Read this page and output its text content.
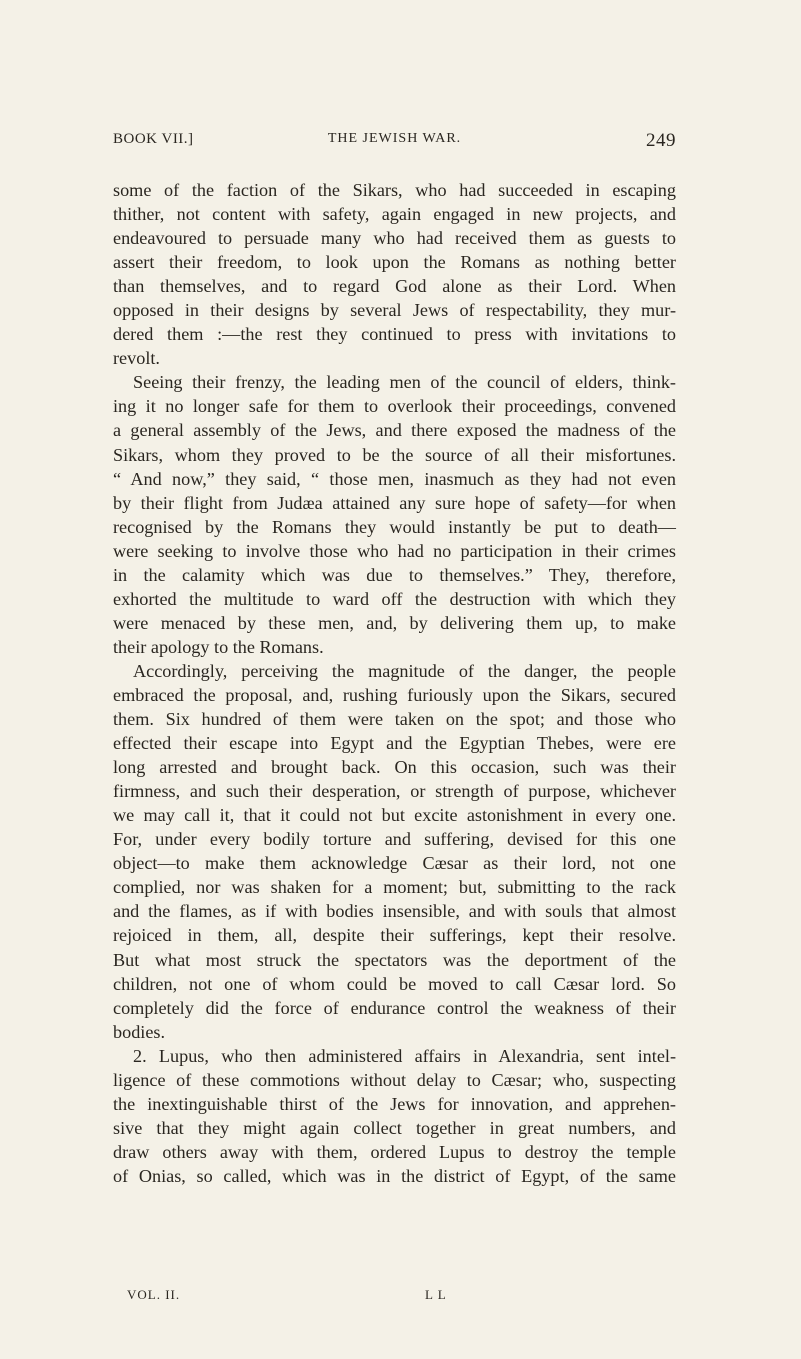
BOOK VII.]	THE JEWISH WAR.	249
some of the faction of the Sikars, who had succeeded in escaping
thither, not content with safety, again engaged in new projects, and
endeavoured to persuade many who had received them as guests to
assert their freedom, to look upon the Romans as nothing better
than themselves, and to regard God alone as their Lord. When
opposed in their designs by several Jews of respectability, they mur-
dered them :—the rest they continued to press with invitations to
revolt.
Seeing their frenzy, the leading men of the council of elders, think-
ing it no longer safe for them to overlook their proceedings, convened
a general assembly of the Jews, and there exposed the madness of the
Sikars, whom they proved to be the source of all their misfortunes.
“ And now,” they said, “ those men, inasmuch as they had not even
by their flight from Judæa attained any sure hope of safety—for when
recognised by the Romans they would instantly be put to death—
were seeking to involve those who had no participation in their crimes
in the calamity which was due to themselves.” They, therefore,
exhorted the multitude to ward off the destruction with which they
were menaced by these men, and, by delivering them up, to make
their apology to the Romans.
Accordingly, perceiving the magnitude of the danger, the people
embraced the proposal, and, rushing furiously upon the Sikars, secured
them. Six hundred of them were taken on the spot; and those who
effected their escape into Egypt and the Egyptian Thebes, were ere
long arrested and brought back. On this occasion, such was their
firmness, and such their desperation, or strength of purpose, whichever
we may call it, that it could not but excite astonishment in every one.
For, under every bodily torture and suffering, devised for this one
object—to make them acknowledge Cæsar as their lord, not one
complied, nor was shaken for a moment; but, submitting to the rack
and the flames, as if with bodies insensible, and with souls that almost
rejoiced in them, all, despite their sufferings, kept their resolve.
But what most struck the spectators was the deportment of the
children, not one of whom could be moved to call Cæsar lord. So
completely did the force of endurance control the weakness of their
bodies.
2. Lupus, who then administered affairs in Alexandria, sent intel-
ligence of these commotions without delay to Cæsar; who, suspecting
the inextinguishable thirst of the Jews for innovation, and apprehen-
sive that they might again collect together in great numbers, and
draw others away with them, ordered Lupus to destroy the temple
of Onias, so called, which was in the district of Egypt, of the same
VOL. II.	L L
